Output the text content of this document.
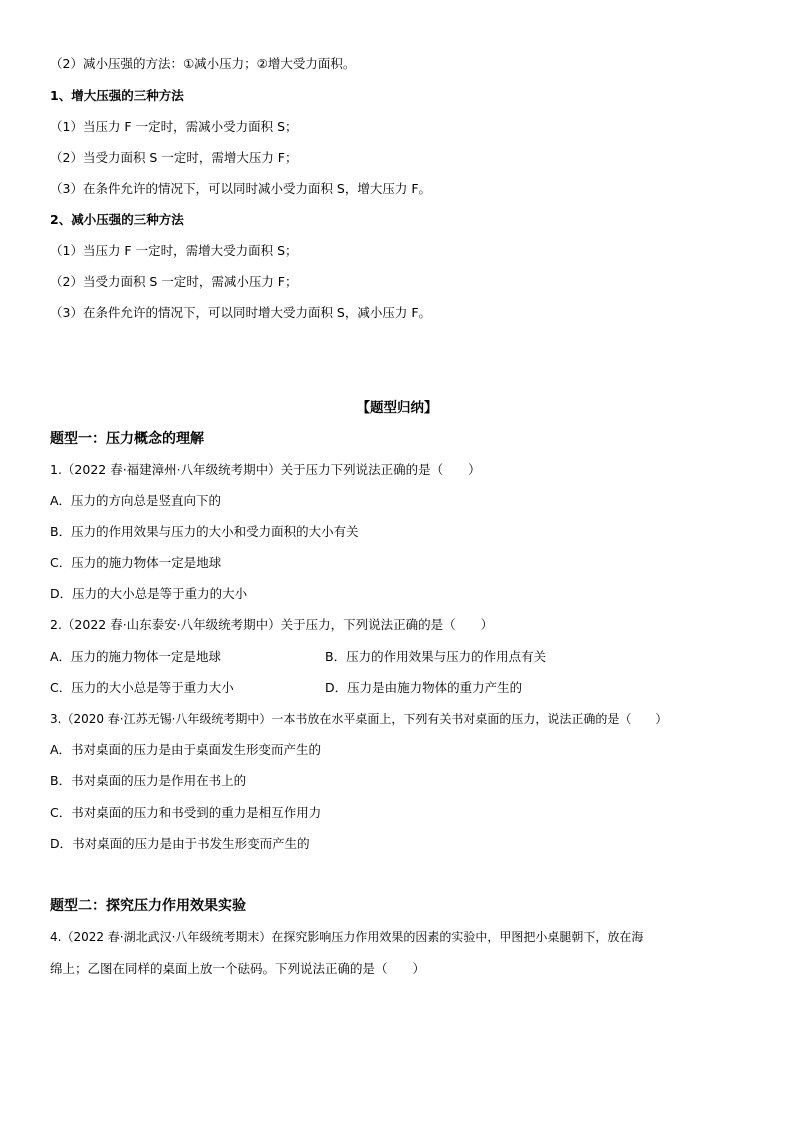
（2）减小压强的方法：①减小压力；②增大受力面积。
1、增大压强的三种方法
（1）当压力 F 一定时，需减小受力面积 S；
（2）当受力面积 S 一定时，需增大压力 F；
（3）在条件允许的情况下，可以同时减小受力面积 S，增大压力 F。
2、减小压强的三种方法
（1）当压力 F 一定时，需增大受力面积 S；
（2）当受力面积 S 一定时，需减小压力 F；
（3）在条件允许的情况下，可以同时增大受力面积 S，减小压力 F。
【题型归纳】
题型一：压力概念的理解
1.（2022 春·福建漳州·八年级统考期中）关于压力下列说法正确的是（　　）
A．压力的方向总是竖直向下的
B．压力的作用效果与压力的大小和受力面积的大小有关
C．压力的施力物体一定是地球
D．压力的大小总是等于重力的大小
2.（2022 春·山东泰安·八年级统考期中）关于压力，下列说法正确的是（　　）
A．压力的施力物体一定是地球	B．压力的作用效果与压力的作用点有关
C．压力的大小总是等于重力大小	D．压力是由施力物体的重力产生的
3.（2020 春·江苏无锡·八年级统考期中）一本书放在水平桌面上，下列有关书对桌面的压力，说法正确的是（　　）
A．书对桌面的压力是由于桌面发生形变而产生的
B．书对桌面的压力是作用在书上的
C．书对桌面的压力和书受到的重力是相互作用力
D．书对桌面的压力是由于书发生形变而产生的
题型二：探究压力作用效果实验
4.（2022 春·湖北武汉·八年级统考期末）在探究影响压力作用效果的因素的实验中，甲图把小桌腿朝下，放在海
绵上；乙图在同样的桌面上放一个砝码。下列说法正确的是（　　）
